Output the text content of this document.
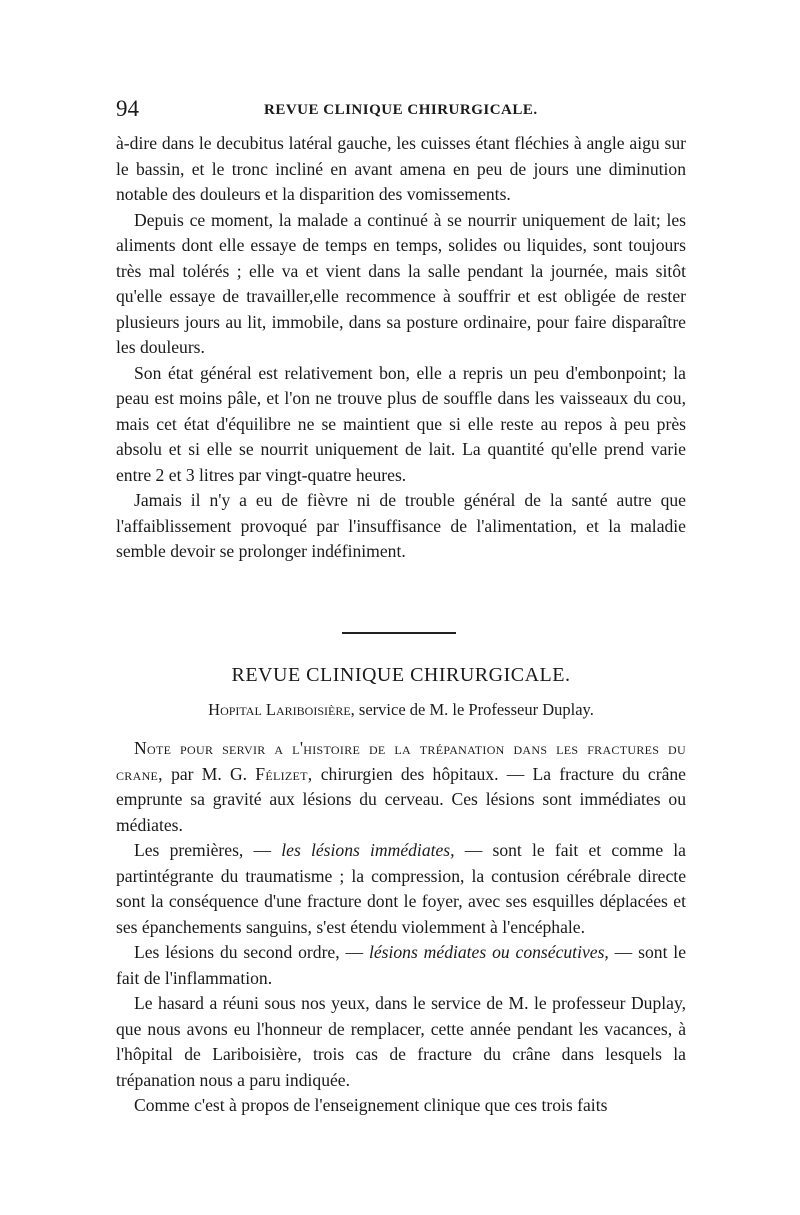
94	REVUE CLINIQUE CHIRURGICALE.

à-dire dans le decubitus latéral gauche, les cuisses étant fléchies à angle aigu sur le bassin, et le tronc incliné en avant amena en peu de jours une diminution notable des douleurs et la disparition des vomissements.

Depuis ce moment, la malade a continué à se nourrir uniquement de lait; les aliments dont elle essaye de temps en temps, solides ou liquides, sont toujours très mal tolérés ; elle va et vient dans la salle pendant la journée, mais sitôt qu'elle essaye de travailler,elle recommence à souffrir et est obligée de rester plusieurs jours au lit, immobile, dans sa posture ordinaire, pour faire disparaître les douleurs.

Son état général est relativement bon, elle a repris un peu d'embonpoint; la peau est moins pâle, et l'on ne trouve plus de souffle dans les vaisseaux du cou, mais cet état d'équilibre ne se maintient que si elle reste au repos à peu près absolu et si elle se nourrit uniquement de lait. La quantité qu'elle prend varie entre 2 et 3 litres par vingt-quatre heures.

Jamais il n'y a eu de fièvre ni de trouble général de la santé autre que l'affaiblissement provoqué par l'insuffisance de l'alimentation, et la maladie semble devoir se prolonger indéfiniment.

REVUE CLINIQUE CHIRURGICALE.
Hopital Lariboisière, service de M. le Professeur Duplay.

Note pour servir a l'histoire de la trépanation dans les fractures du crane, par M. G. Félizet, chirurgien des hôpitaux. — La fracture du crâne emprunte sa gravité aux lésions du cerveau. Ces lésions sont immédiates ou médiates.

Les premières, — les lésions immédiates, — sont le fait et comme la partintégrante du traumatisme ; la compression, la contusion cérébrale directe sont la conséquence d'une fracture dont le foyer, avec ses esquilles déplacées et ses épanchements sanguins, s'est étendu violemment à l'encéphale.

Les lésions du second ordre, — lésions médiates ou consécutives, — sont le fait de l'inflammation.

Le hasard a réuni sous nos yeux, dans le service de M. le professeur Duplay, que nous avons eu l'honneur de remplacer, cette année pendant les vacances, à l'hôpital de Lariboisière, trois cas de fracture du crâne dans lesquels la trépanation nous a paru indiquée.

Comme c'est à propos de l'enseignement clinique que ces trois faits
